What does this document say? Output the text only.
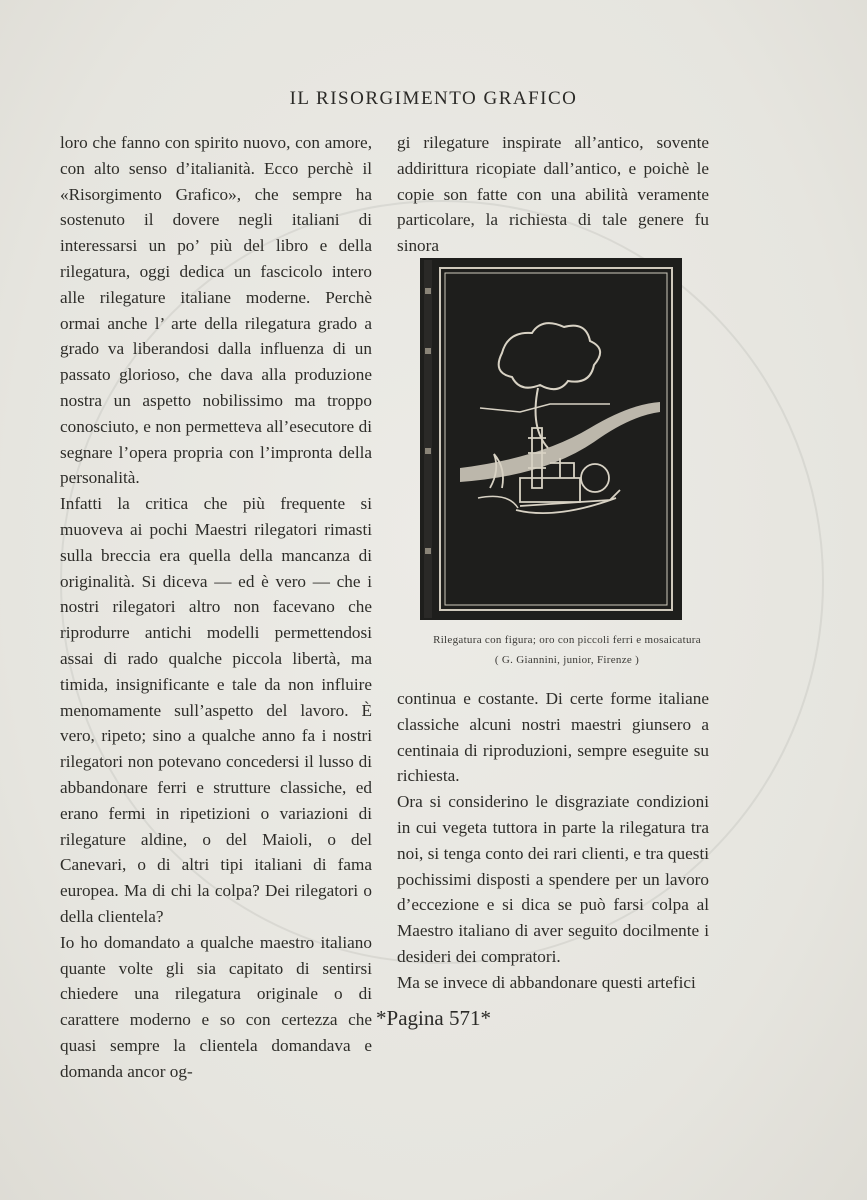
IL RISORGIMENTO GRAFICO

loro che fanno con spirito nuovo, con amore, con alto senso d’italianità. Ecco perchè il «Risorgimento Grafico», che sempre ha sostenuto il dovere negli italiani di interessarsi un po’ più del libro e della rilegatura, oggi dedica un fascicolo intero alle rilegature italiane moderne. Perchè ormai anche l’ arte della rilegatura grado a grado va liberandosi dalla influenza di un passato glorioso, che dava alla produzione nostra un aspetto nobilissimo ma troppo conosciuto, e non permetteva all’esecutore di segnare l’opera propria con l’impronta della personalità.

Infatti la critica che più frequente si muoveva ai pochi Maestri rilegatori rimasti sulla breccia era quella della mancanza di originalità. Si diceva — ed è vero — che i nostri rilegatori altro non facevano che riprodurre antichi modelli permettendosi assai di rado qualche piccola libertà, ma timida, insignificante e tale da non influire menomamente sull’aspetto del lavoro. È vero, ripeto; sino a qualche anno fa i nostri rilegatori non potevano concedersi il lusso di abbandonare ferri e strutture classiche, ed erano fermi in ripetizioni o variazioni di rilegature aldine, o del Maioli, o del Canevari, o di altri tipi italiani di fama europea. Ma di chi la colpa? Dei rilegatori o della clientela?

Io ho domandato a qualche maestro italiano quante volte gli sia capitato di sentirsi chiedere una rilegatura originale o di carattere moderno e so con certezza che quasi sempre la clientela domandava e domanda ancor og-

gi rilegature inspirate all’antico, sovente addirittura ricopiate dall’antico, e poichè le copie son fatte con una abilità veramente particolare, la richiesta di tale genere fu sinora

Rilegatura con figura; oro con piccoli ferri e mosaicatura
( G. Giannini, junior, Firenze )

continua e costante. Di certe forme italiane classiche alcuni nostri maestri giunsero a centinaia di riproduzioni, sempre eseguite su richiesta.

Ora si considerino le disgraziate condizioni in cui vegeta tuttora in parte la rilegatura tra noi, si tenga conto dei rari clienti, e tra questi pochissimi disposti a spendere per un lavoro d’eccezione e si dica se può farsi colpa al Maestro italiano di aver seguito docilmente i desideri dei compratori.

Ma se invece di abbandonare questi artefici

*Pagina 571*
